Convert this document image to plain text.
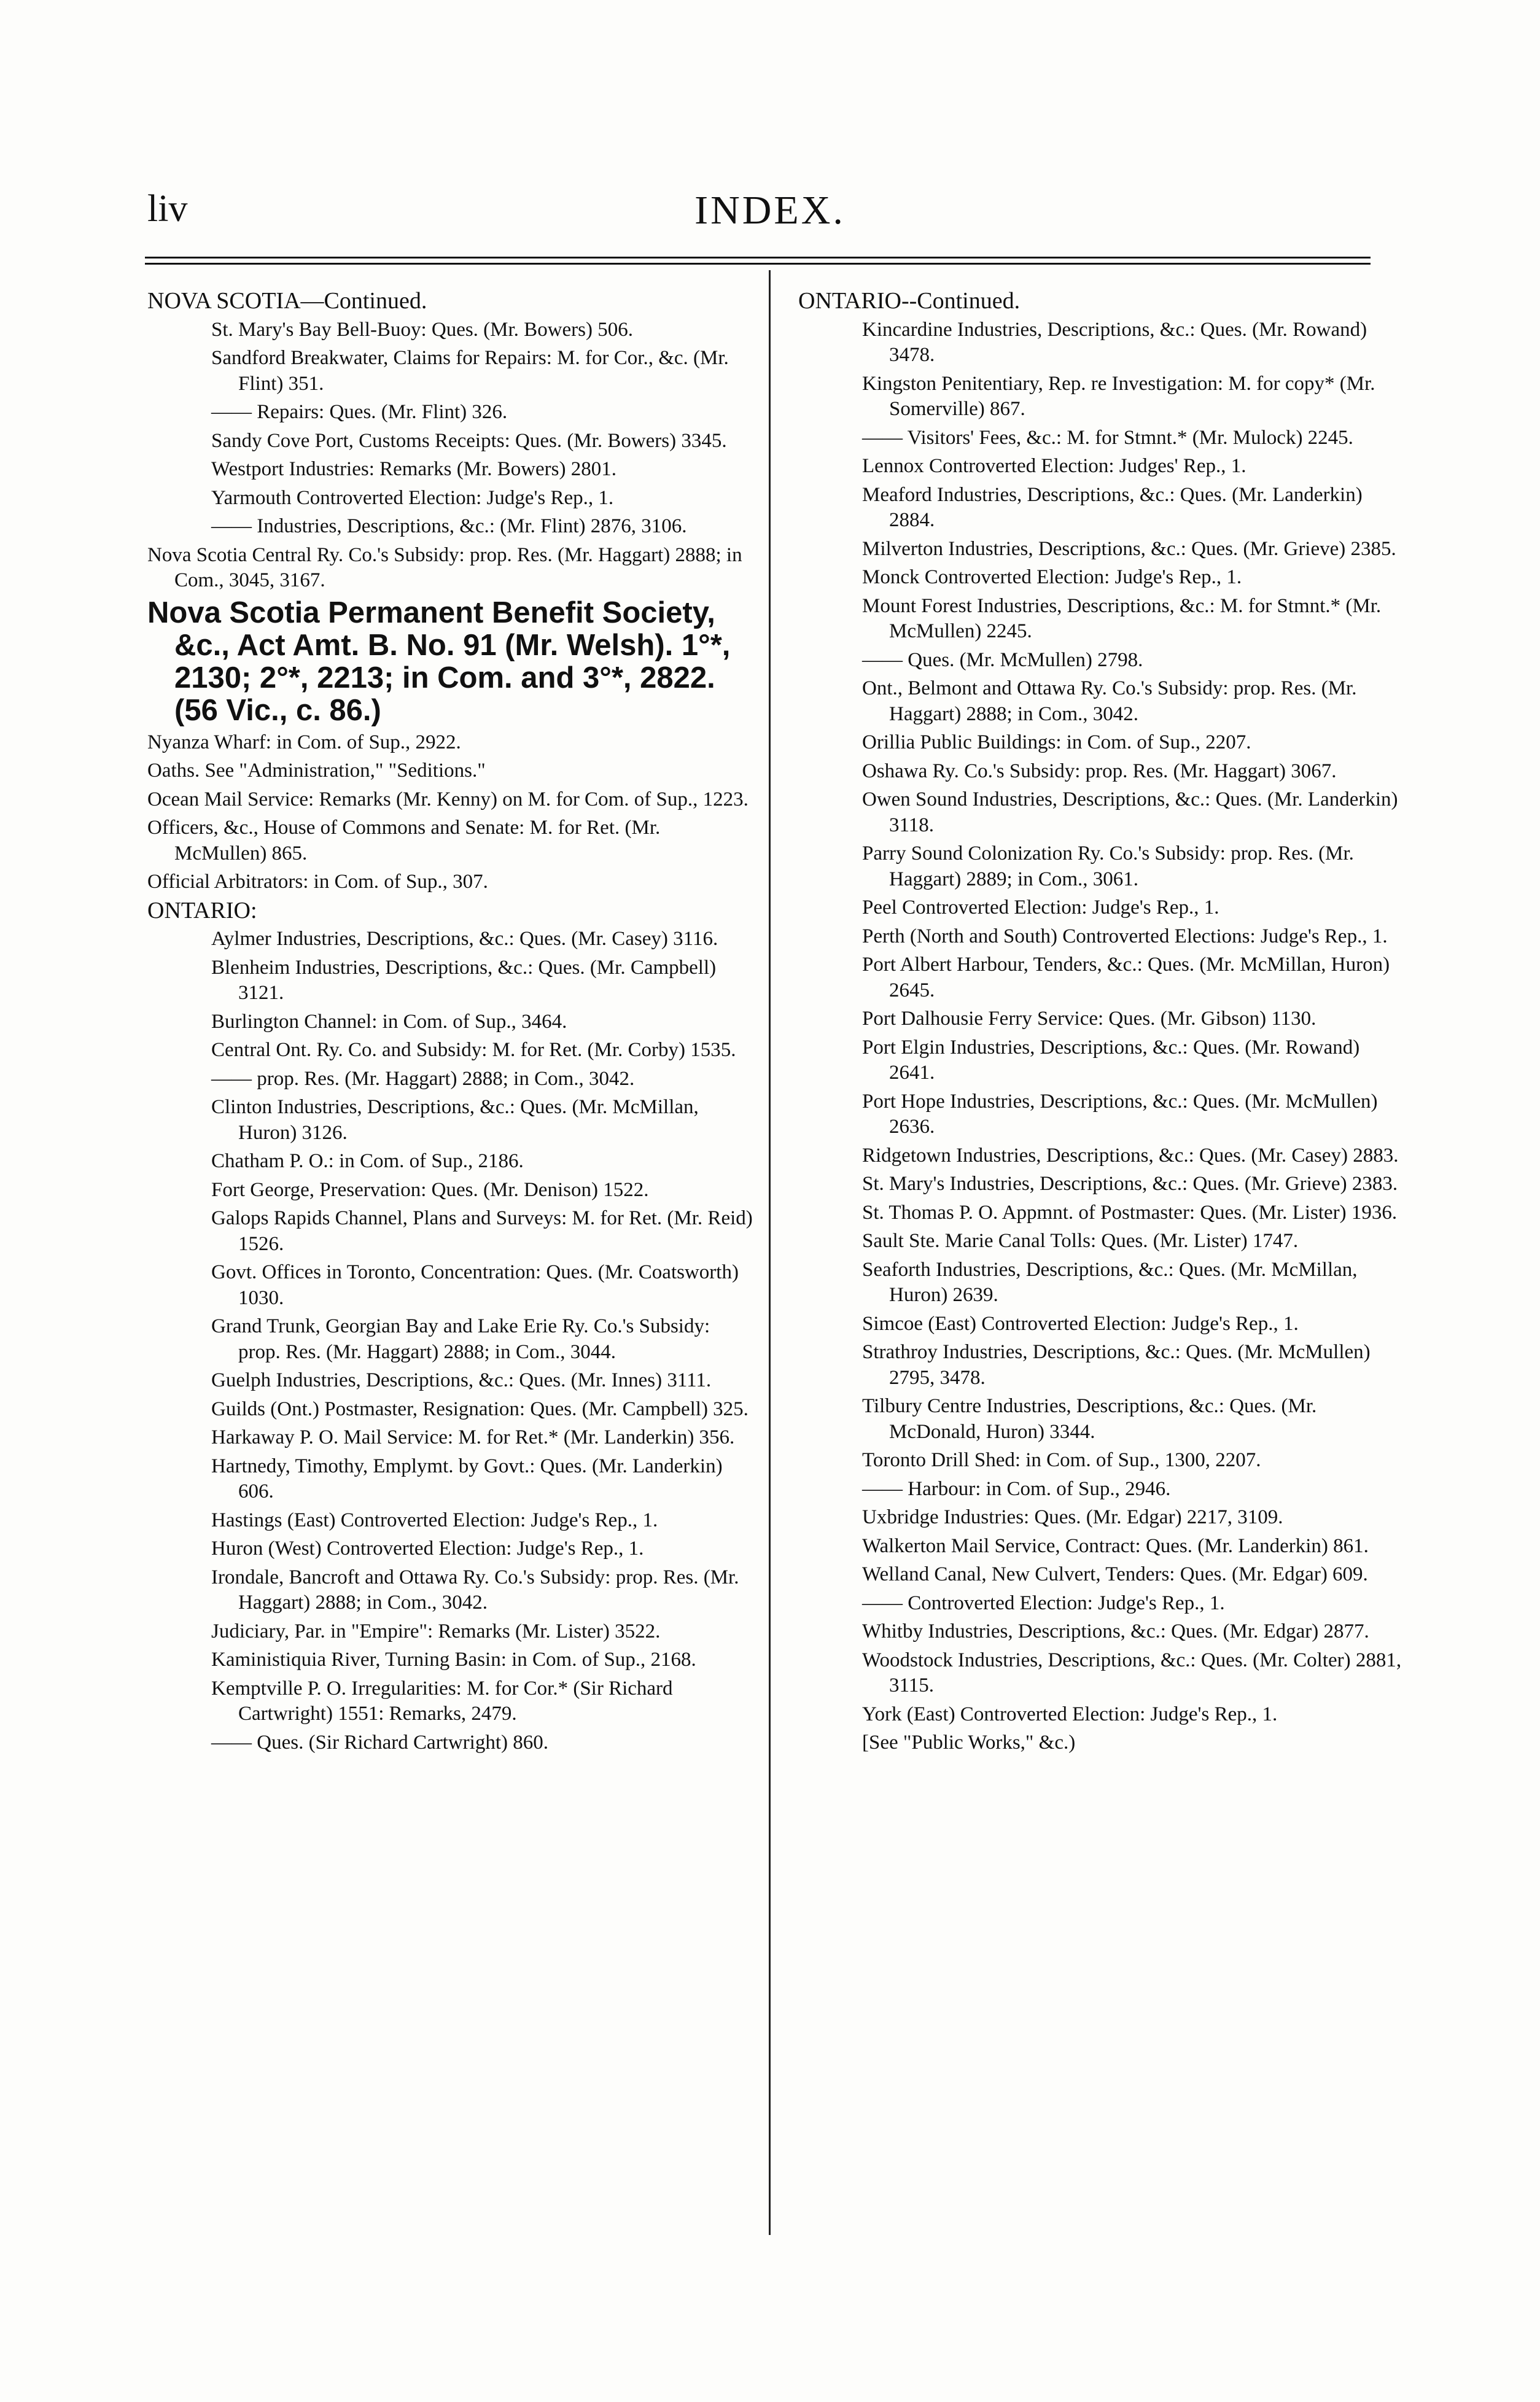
liv	INDEX.

NOVA SCOTIA—Continued.

St. Mary's Bay Bell-Buoy: Ques. (Mr. Bowers) 506.

Sandford Breakwater, Claims for Repairs: M. for Cor., &c. (Mr. Flint) 351.

—— Repairs: Ques. (Mr. Flint) 326.

Sandy Cove Port, Customs Receipts: Ques. (Mr. Bowers) 3345.

Westport Industries: Remarks (Mr. Bowers) 2801.

Yarmouth Controverted Election: Judge's Rep., 1.

—— Industries, Descriptions, &c.: (Mr. Flint) 2876, 3106.

Nova Scotia Central Ry. Co.'s Subsidy: prop. Res. (Mr. Haggart) 2888; in Com., 3045, 3167.

Nova Scotia Permanent Benefit Society, &c., Act Amt. B. No. 91 (Mr. Welsh). 1°*, 2130; 2°*, 2213; in Com. and 3°*, 2822. (56 Vic., c. 86.)

Nyanza Wharf: in Com. of Sup., 2922.

Oaths. See "Administration," "Seditions."

Ocean Mail Service: Remarks (Mr. Kenny) on M. for Com. of Sup., 1223.

Officers, &c., House of Commons and Senate: M. for Ret. (Mr. McMullen) 865.

Official Arbitrators: in Com. of Sup., 307.

ONTARIO:

Aylmer Industries, Descriptions, &c.: Ques. (Mr. Casey) 3116.

Blenheim Industries, Descriptions, &c.: Ques. (Mr. Campbell) 3121.

Burlington Channel: in Com. of Sup., 3464.

Central Ont. Ry. Co. and Subsidy: M. for Ret. (Mr. Corby) 1535.

—— prop. Res. (Mr. Haggart) 2888; in Com., 3042.

Clinton Industries, Descriptions, &c.: Ques. (Mr. McMillan, Huron) 3126.

Chatham P. O.: in Com. of Sup., 2186.

Fort George, Preservation: Ques. (Mr. Denison) 1522.

Galops Rapids Channel, Plans and Surveys: M. for Ret. (Mr. Reid) 1526.

Govt. Offices in Toronto, Concentration: Ques. (Mr. Coatsworth) 1030.

Grand Trunk, Georgian Bay and Lake Erie Ry. Co.'s Subsidy: prop. Res. (Mr. Haggart) 2888; in Com., 3044.

Guelph Industries, Descriptions, &c.: Ques. (Mr. Innes) 3111.

Guilds (Ont.) Postmaster, Resignation: Ques. (Mr. Campbell) 325.

Harkaway P. O. Mail Service: M. for Ret.* (Mr. Landerkin) 356.

Hartnedy, Timothy, Emplymt. by Govt.: Ques. (Mr. Landerkin) 606.

Hastings (East) Controverted Election: Judge's Rep., 1.

Huron (West) Controverted Election: Judge's Rep., 1.

Irondale, Bancroft and Ottawa Ry. Co.'s Subsidy: prop. Res. (Mr. Haggart) 2888; in Com., 3042.

Judiciary, Par. in "Empire": Remarks (Mr. Lister) 3522.

Kaministiquia River, Turning Basin: in Com. of Sup., 2168.

Kemptville P. O. Irregularities: M. for Cor.* (Sir Richard Cartwright) 1551: Remarks, 2479.

—— Ques. (Sir Richard Cartwright) 860.

ONTARIO--Continued.

Kincardine Industries, Descriptions, &c.: Ques. (Mr. Rowand) 3478.

Kingston Penitentiary, Rep. re Investigation: M. for copy* (Mr. Somerville) 867.

—— Visitors' Fees, &c.: M. for Stmnt.* (Mr. Mulock) 2245.

Lennox Controverted Election: Judges' Rep., 1.

Meaford Industries, Descriptions, &c.: Ques. (Mr. Landerkin) 2884.

Milverton Industries, Descriptions, &c.: Ques. (Mr. Grieve) 2385.

Monck Controverted Election: Judge's Rep., 1.

Mount Forest Industries, Descriptions, &c.: M. for Stmnt.* (Mr. McMullen) 2245.

—— Ques. (Mr. McMullen) 2798.

Ont., Belmont and Ottawa Ry. Co.'s Subsidy: prop. Res. (Mr. Haggart) 2888; in Com., 3042.

Orillia Public Buildings: in Com. of Sup., 2207.

Oshawa Ry. Co.'s Subsidy: prop. Res. (Mr. Haggart) 3067.

Owen Sound Industries, Descriptions, &c.: Ques. (Mr. Landerkin) 3118.

Parry Sound Colonization Ry. Co.'s Subsidy: prop. Res. (Mr. Haggart) 2889; in Com., 3061.

Peel Controverted Election: Judge's Rep., 1.

Perth (North and South) Controverted Elections: Judge's Rep., 1.

Port Albert Harbour, Tenders, &c.: Ques. (Mr. McMillan, Huron) 2645.

Port Dalhousie Ferry Service: Ques. (Mr. Gibson) 1130.

Port Elgin Industries, Descriptions, &c.: Ques. (Mr. Rowand) 2641.

Port Hope Industries, Descriptions, &c.: Ques. (Mr. McMullen) 2636.

Ridgetown Industries, Descriptions, &c.: Ques. (Mr. Casey) 2883.

St. Mary's Industries, Descriptions, &c.: Ques. (Mr. Grieve) 2383.

St. Thomas P. O. Appmnt. of Postmaster: Ques. (Mr. Lister) 1936.

Sault Ste. Marie Canal Tolls: Ques. (Mr. Lister) 1747.

Seaforth Industries, Descriptions, &c.: Ques. (Mr. McMillan, Huron) 2639.

Simcoe (East) Controverted Election: Judge's Rep., 1.

Strathroy Industries, Descriptions, &c.: Ques. (Mr. McMullen) 2795, 3478.

Tilbury Centre Industries, Descriptions, &c.: Ques. (Mr. McDonald, Huron) 3344.

Toronto Drill Shed: in Com. of Sup., 1300, 2207.

—— Harbour: in Com. of Sup., 2946.

Uxbridge Industries: Ques. (Mr. Edgar) 2217, 3109.

Walkerton Mail Service, Contract: Ques. (Mr. Landerkin) 861.

Welland Canal, New Culvert, Tenders: Ques. (Mr. Edgar) 609.

—— Controverted Election: Judge's Rep., 1.

Whitby Industries, Descriptions, &c.: Ques. (Mr. Edgar) 2877.

Woodstock Industries, Descriptions, &c.: Ques. (Mr. Colter) 2881, 3115.

York (East) Controverted Election: Judge's Rep., 1.

[See "Public Works," &c.)
